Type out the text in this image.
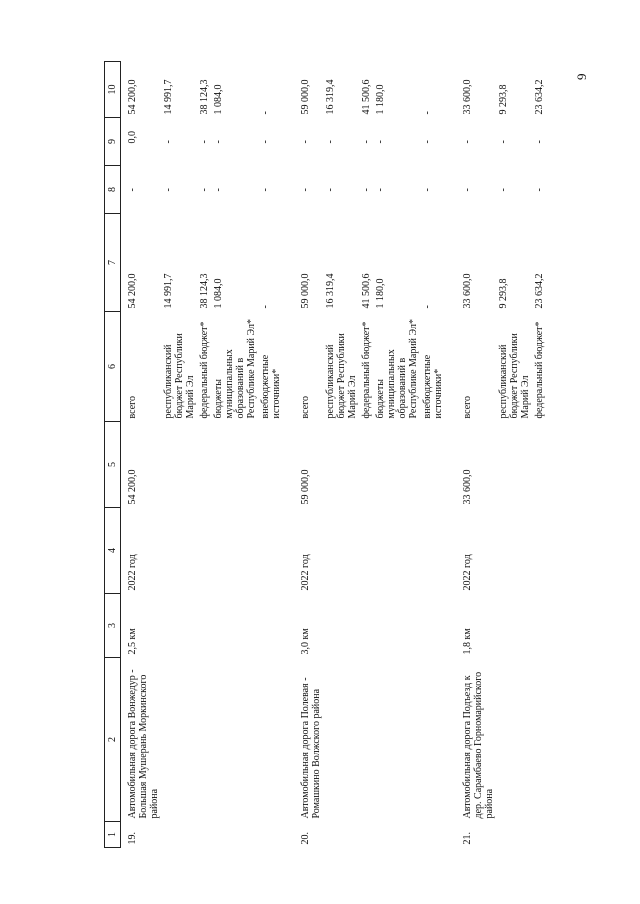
9
1	2	3	4	5	6	7	8	9	10
19.	Автомобильная дорога Вонжедур - Большая Мушерань Моркинского района	2,5 км	2022 год	54 200,0	всего	54 200,0	-	0,0	54 200,0
					республиканский бюджет Республики Марий Эл	14 991,7	-	-	14 991,7
					федеральный бюджет*	38 124,3	-	-	38 124,3
					бюджеты муниципальных образований в Республике Марий Эл*	1 084,0	-	-	1 084,0
					внебюджетные источники*	-	-	-	-

20.	Автомобильная дорога Полевая - Ромашкино Волжского района	3,0 км	2022 год	59 000,0	всего	59 000,0	-	-	59 000,0
					республиканский бюджет Республики Марий Эл	16 319,4	-	-	16 319,4
					федеральный бюджет*	41 500,6	-	-	41 500,6
					бюджеты муниципальных образований в Республике Марий Эл*	1 180,0	-	-	1 180,0
					внебюджетные источники*	-	-	-	-

21.	Автомобильная дорога Подъезд к дер. Сарамбаево Горномарийского района	1,8 км	2022 год	33 600,0	всего	33 600,0	-	-	33 600,0
					республиканский бюджет Республики Марий Эл	9 293,8	-	-	9 293,8
					федеральный бюджет*	23 634,2	-	-	23 634,2
